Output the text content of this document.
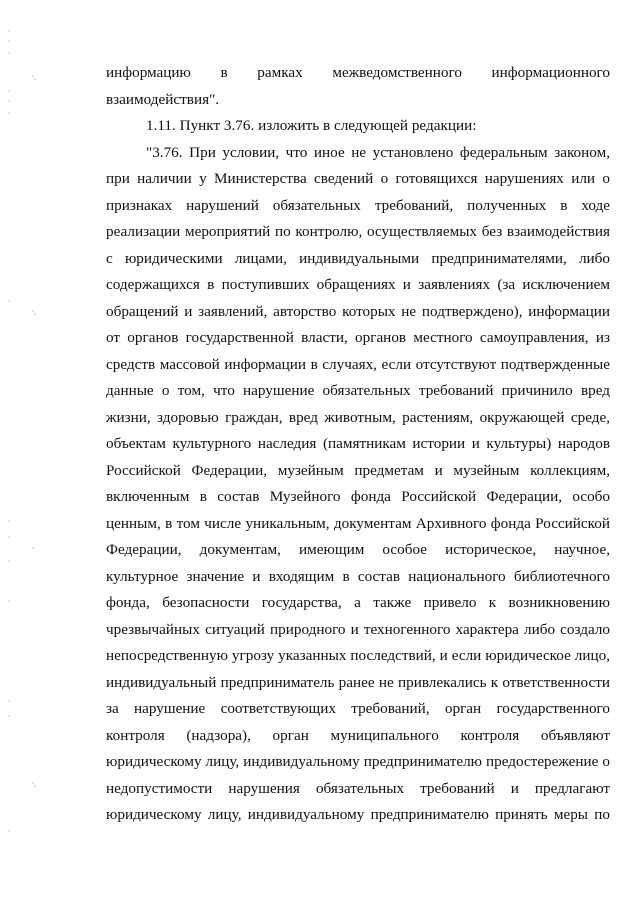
информацию в рамках межведомственного информационного
взаимодействия".
1.11. Пункт 3.76. изложить в следующей редакции:
"3.76. При условии, что иное не установлено федеральным законом,
при наличии у Министерства сведений о готовящихся нарушениях или о
признаках нарушений обязательных требований, полученных в ходе
реализации мероприятий по контролю, осуществляемых без взаимодействия
с юридическими лицами, индивидуальными предпринимателями, либо
содержащихся в поступивших обращениях и заявлениях (за исключением
обращений и заявлений, авторство которых не подтверждено), информации
от органов государственной власти, органов местного самоуправления, из
средств массовой информации в случаях, если отсутствуют подтвержденные
данные о том, что нарушение обязательных требований причинило вред
жизни, здоровью граждан, вред животным, растениям, окружающей среде,
объектам культурного наследия (памятникам истории и культуры) народов
Российской Федерации, музейным предметам и музейным коллекциям,
включенным в состав Музейного фонда Российской Федерации, особо
ценным, в том числе уникальным, документам Архивного фонда Российской
Федерации, документам, имеющим особое историческое, научное,
культурное значение и входящим в состав национального библиотечного
фонда, безопасности государства, а также привело к возникновению
чрезвычайных ситуаций природного и техногенного характера либо создало
непосредственную угрозу указанных последствий, и если юридическое лицо,
индивидуальный предприниматель ранее не привлекались к ответственности
за нарушение соответствующих требований, орган государственного
контроля (надзора), орган муниципального контроля объявляют
юридическому лицу, индивидуальному предпринимателю предостережение о
недопустимости нарушения обязательных требований и предлагают
юридическому лицу, индивидуальному предпринимателю принять меры по
